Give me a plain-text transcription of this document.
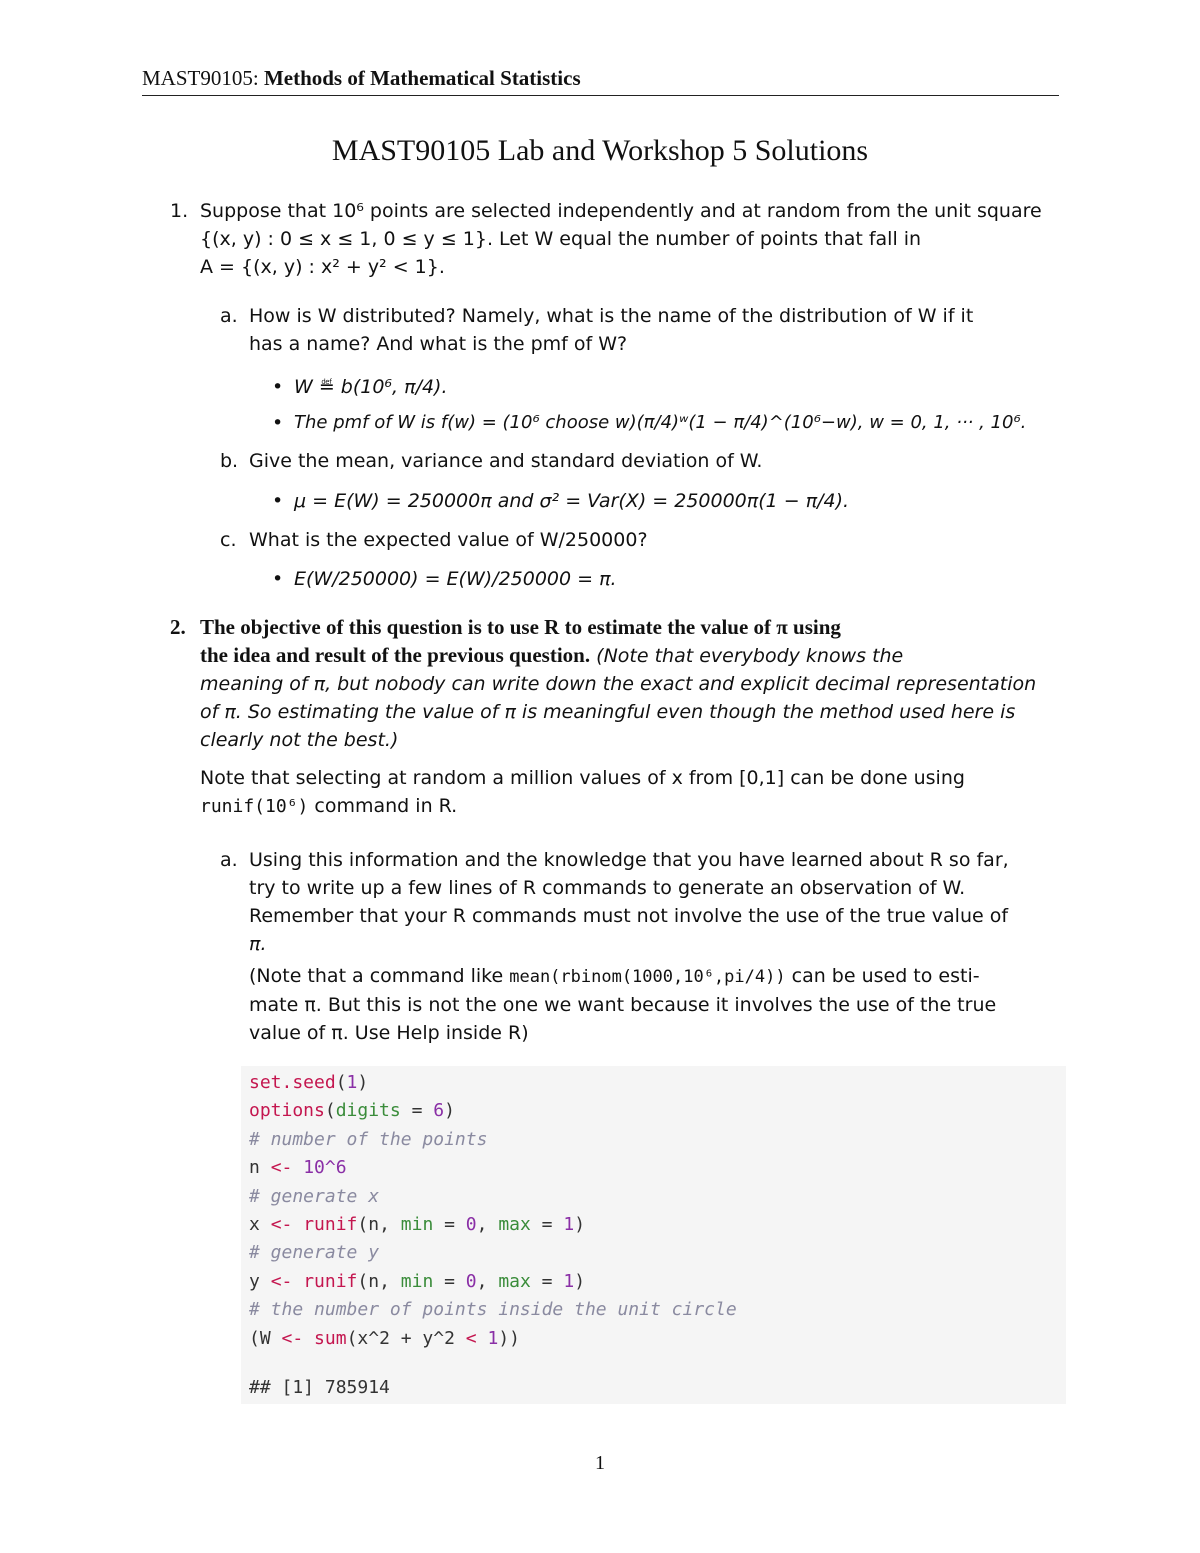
MAST90105: Methods of Mathematical Statistics
MAST90105 Lab and Workshop 5 Solutions
1. Suppose that 10⁶ points are selected independently and at random from the unit square
{(x, y) : 0 ≤ x ≤ 1, 0 ≤ y ≤ 1}. Let W equal the number of points that fall in
A = {(x, y) : x² + y² < 1}.
a. How is W distributed? Namely, what is the name of the distribution of W if it
has a name? And what is the pmf of W?
• W ≝ b(10⁶, π/4).
• The pmf of W is f(w) = (10⁶ choose w)(π/4)ʷ(1 − π/4)^(10⁶−w), w = 0, 1, ··· , 10⁶.
b. Give the mean, variance and standard deviation of W.
• μ = E(W) = 250000π and σ² = Var(X) = 250000π(1 − π/4).
c. What is the expected value of W/250000?
• E(W/250000) = E(W)/250000 = π.
2. The objective of this question is to use R to estimate the value of π using
the idea and result of the previous question. (Note that everybody knows the
meaning of π, but nobody can write down the exact and explicit decimal representation
of π. So estimating the value of π is meaningful even though the method used here is
clearly not the best.)
Note that selecting at random a million values of x from [0,1] can be done using
runif(10⁶) command in R.
a. Using this information and the knowledge that you have learned about R so far,
try to write up a few lines of R commands to generate an observation of W.
Remember that your R commands must not involve the use of the true value of
π.
(Note that a command like mean(rbinom(1000,10⁶,pi/4)) can be used to esti-
mate π. But this is not the one we want because it involves the use of the true
value of π. Use Help inside R)
set.seed(1)
options(digits = 6)
# number of the points
n <- 10^6
# generate x
x <- runif(n, min = 0, max = 1)
# generate y
y <- runif(n, min = 0, max = 1)
# the number of points inside the unit circle
(W <- sum(x^2 + y^2 < 1))
## [1] 785914
1
